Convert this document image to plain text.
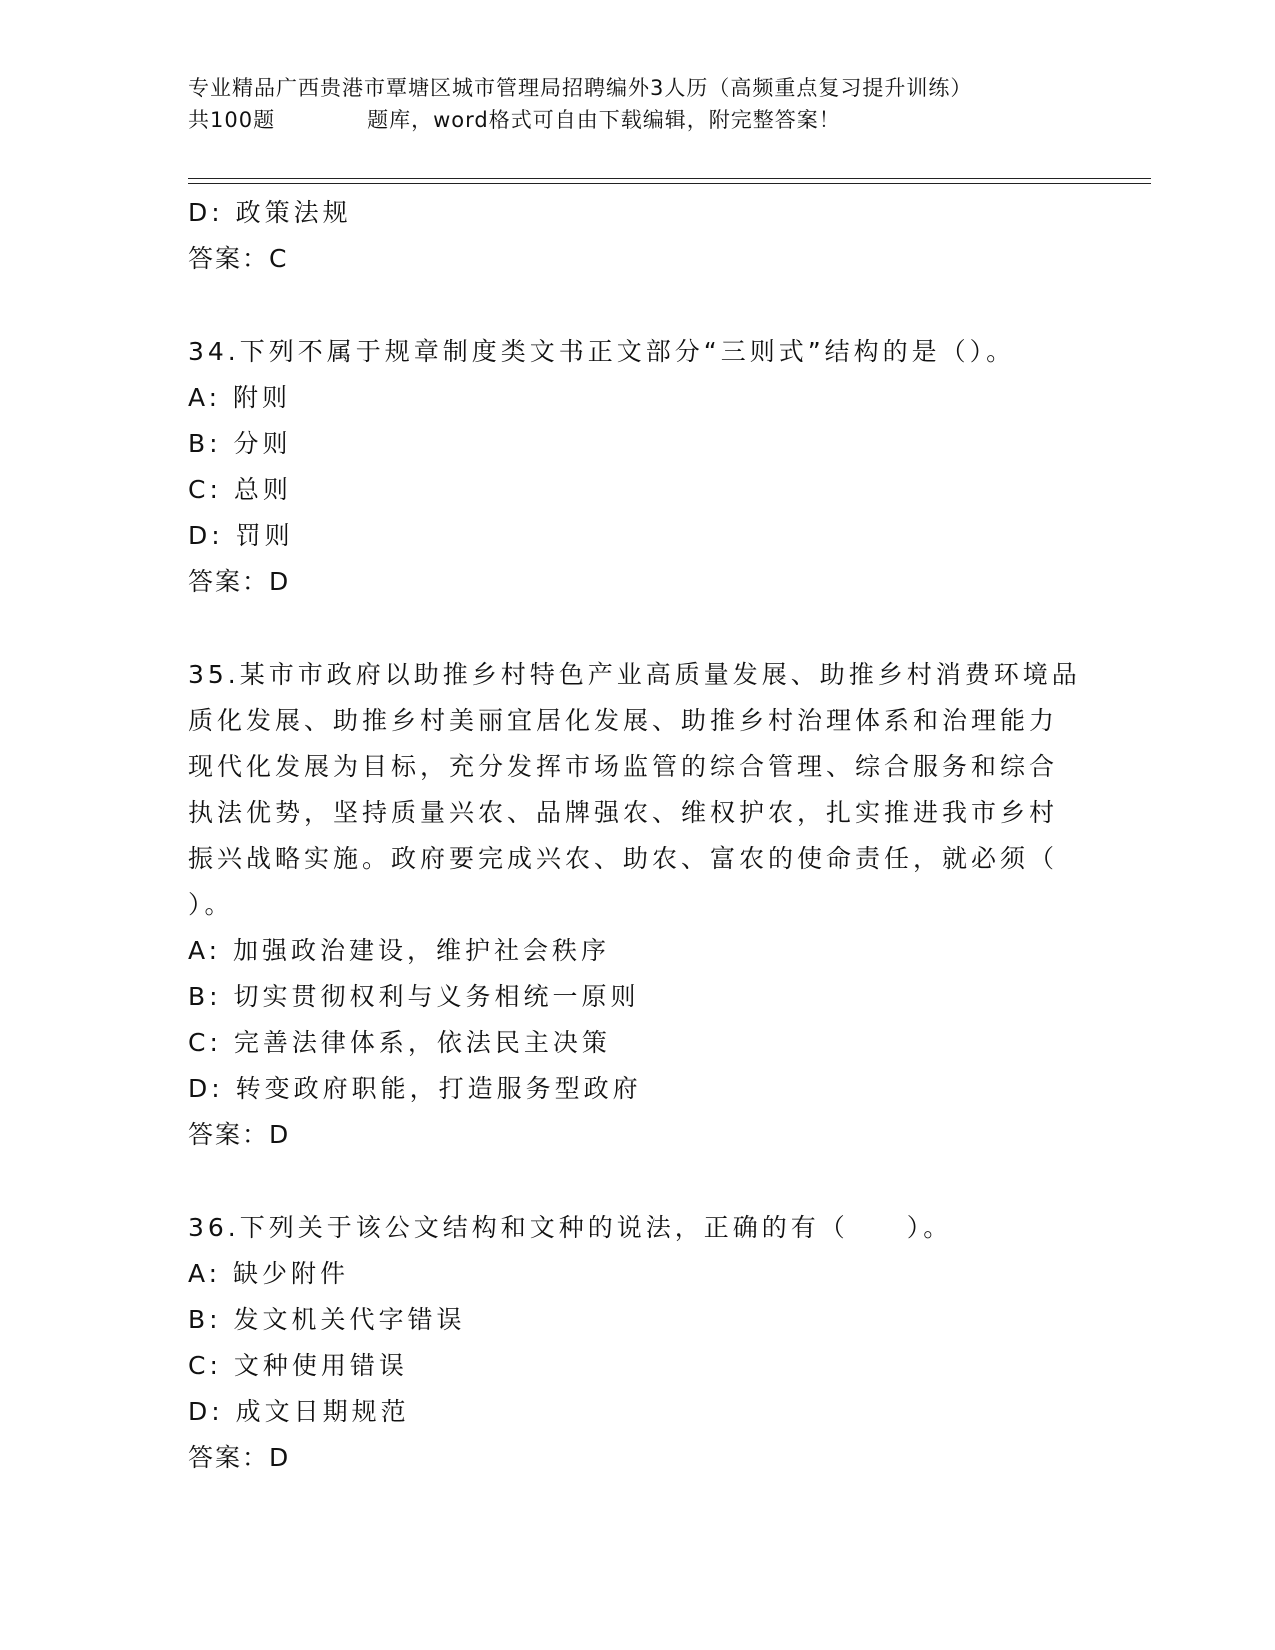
专业精品广西贵港市覃塘区城市管理局招聘编外3人历（高频重点复习提升训练）
共100题	题库，word格式可自由下载编辑，附完整答案！
D: 政策法规
答案：C
34.下列不属于规章制度类文书正文部分“三则式”结构的是（）。
A: 附则
B: 分则
C: 总则
D: 罚则
答案：D
35.某市市政府以助推乡村特色产业高质量发展、助推乡村消费环境品
质化发展、助推乡村美丽宜居化发展、助推乡村治理体系和治理能力
现代化发展为目标，充分发挥市场监管的综合管理、综合服务和综合
执法优势，坚持质量兴农、品牌强农、维权护农，扎实推进我市乡村
振兴战略实施。政府要完成兴农、助农、富农的使命责任，就必须（
）。
A: 加强政治建设，维护社会秩序
B: 切实贯彻权利与义务相统一原则
C: 完善法律体系，依法民主决策
D: 转变政府职能，打造服务型政府
答案：D
36.下列关于该公文结构和文种的说法，正确的有（　　）。
A: 缺少附件
B: 发文机关代字错误
C: 文种使用错误
D: 成文日期规范
答案：D
